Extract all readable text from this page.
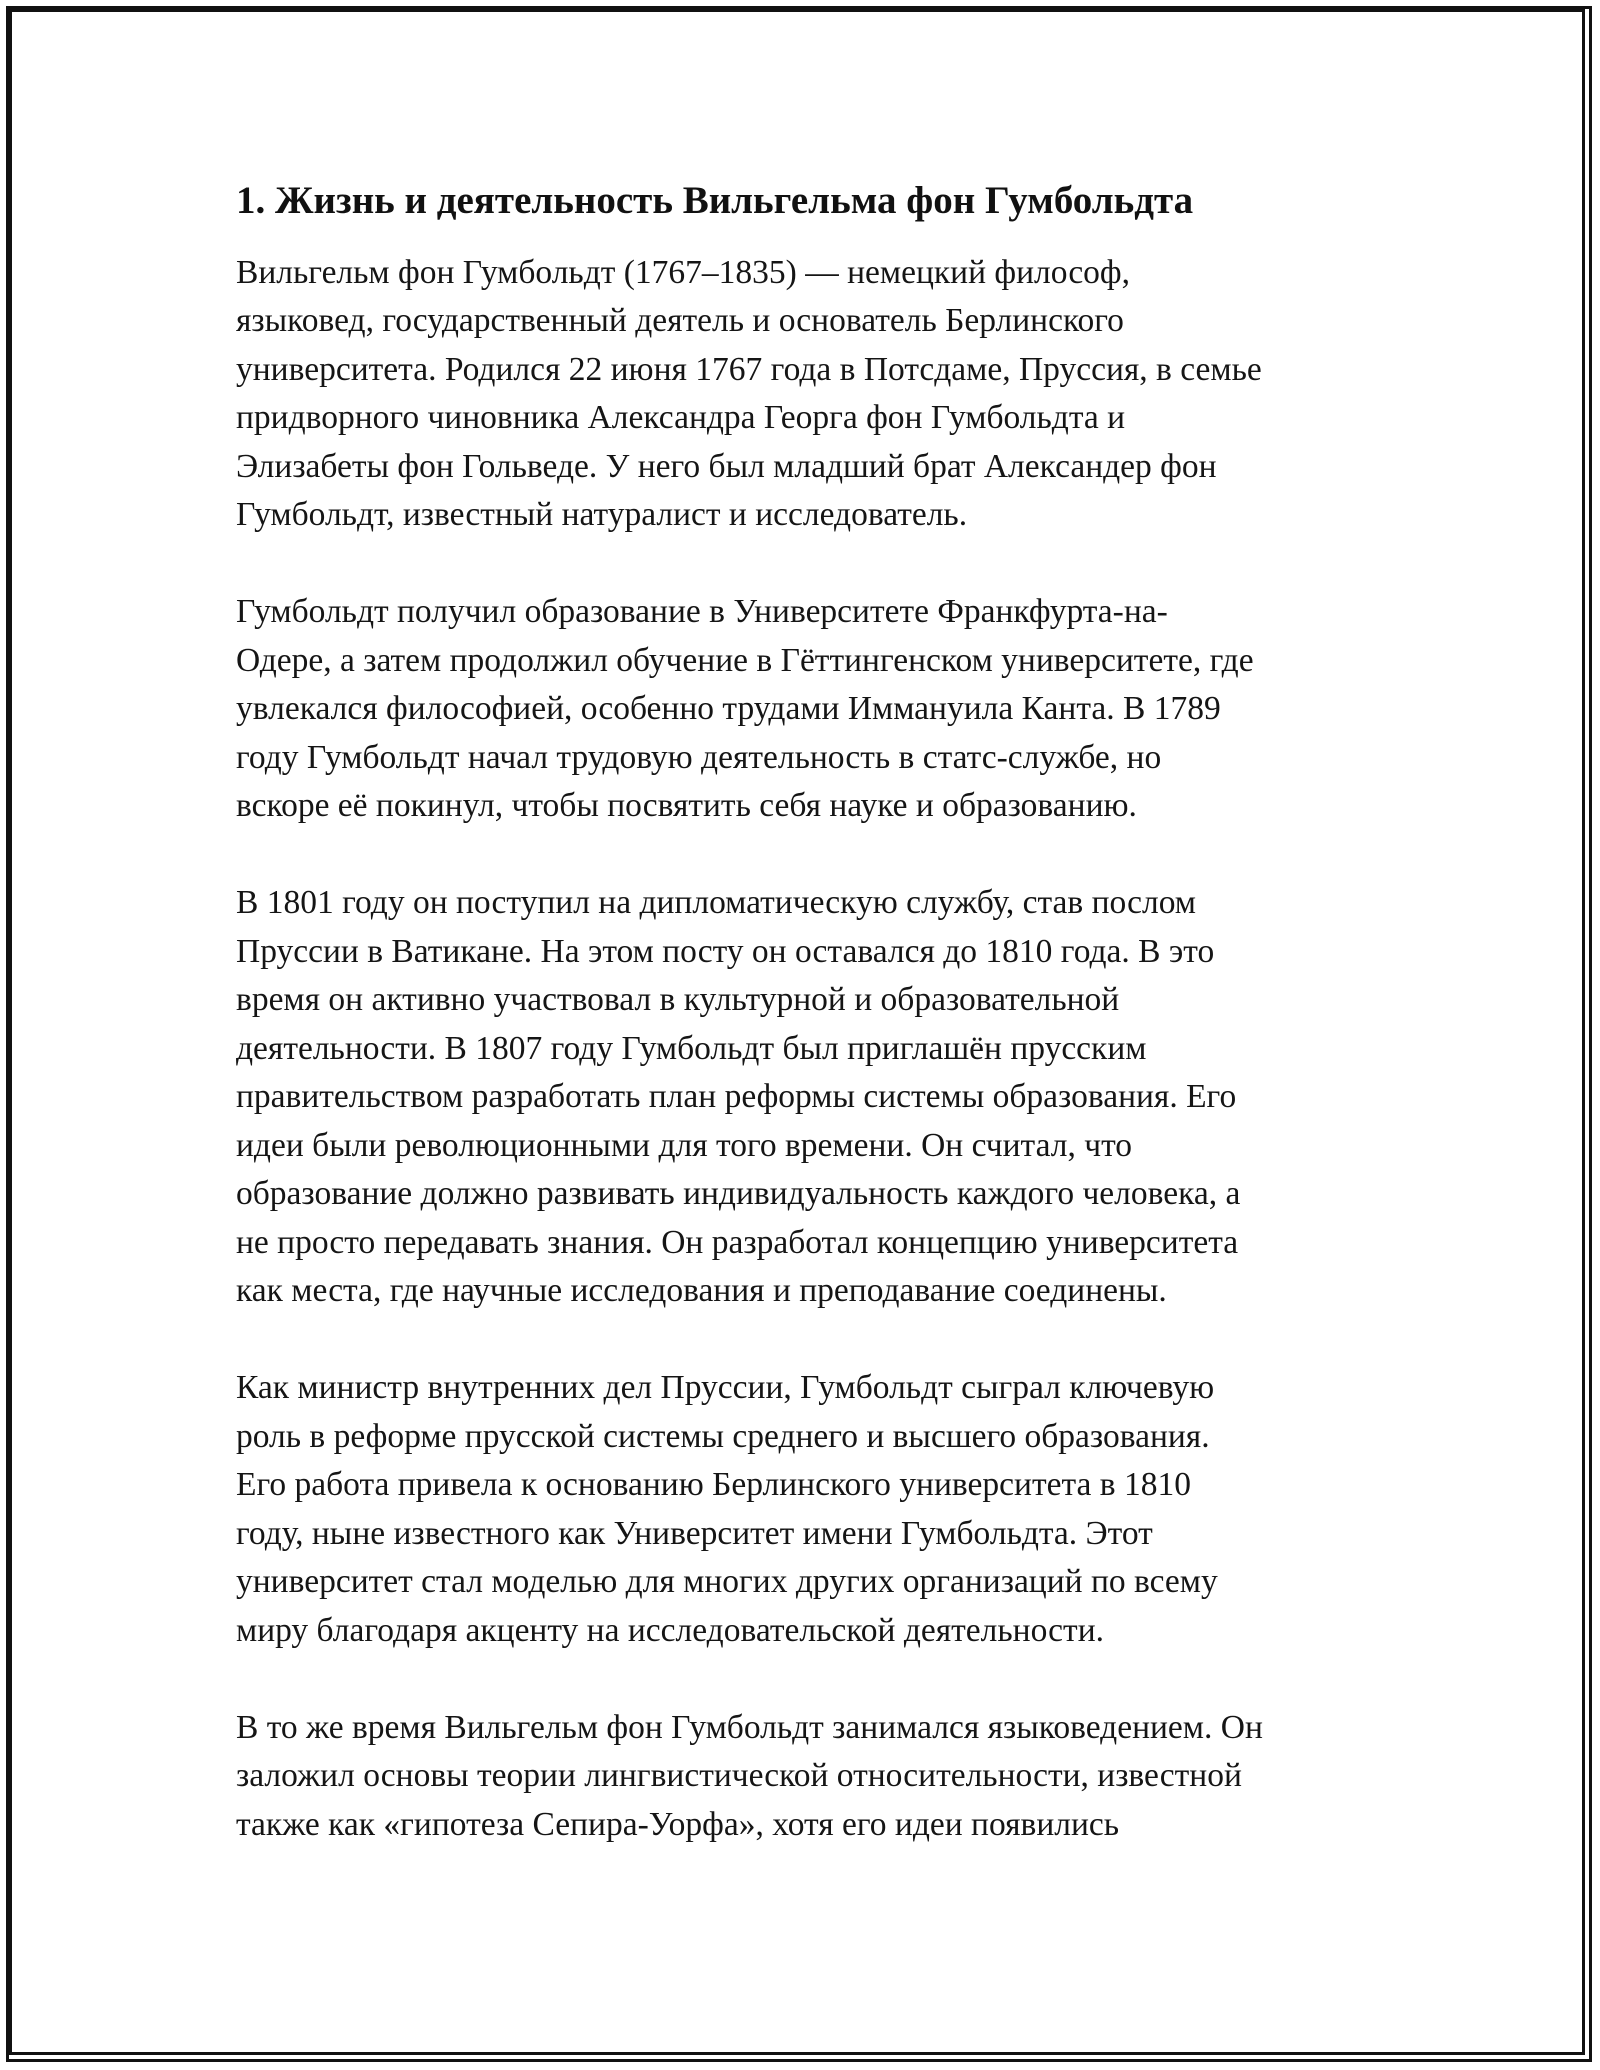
1. Жизнь и деятельность Вильгельма фон Гумбольдта

Вильгельм фон Гумбольдт (1767–1835) — немецкий философ,
языковед, государственный деятель и основатель Берлинского
университета. Родился 22 июня 1767 года в Потсдаме, Пруссия, в семье
придворного чиновника Александра Георга фон Гумбольдта и
Элизабеты фон Гольведе. У него был младший брат Александер фон
Гумбольдт, известный натуралист и исследователь.

Гумбольдт получил образование в Университете Франкфурта-на-
Одере, а затем продолжил обучение в Гёттингенском университете, где
увлекался философией, особенно трудами Иммануила Канта. В 1789
году Гумбольдт начал трудовую деятельность в статс-службе, но
вскоре её покинул, чтобы посвятить себя науке и образованию.

В 1801 году он поступил на дипломатическую службу, став послом
Пруссии в Ватикане. На этом посту он оставался до 1810 года. В это
время он активно участвовал в культурной и образовательной
деятельности. В 1807 году Гумбольдт был приглашён прусским
правительством разработать план реформы системы образования. Его
идеи были революционными для того времени. Он считал, что
образование должно развивать индивидуальность каждого человека, а
не просто передавать знания. Он разработал концепцию университета
как места, где научные исследования и преподавание соединены.

Как министр внутренних дел Пруссии, Гумбольдт сыграл ключевую
роль в реформе прусской системы среднего и высшего образования.
Его работа привела к основанию Берлинского университета в 1810
году, ныне известного как Университет имени Гумбольдта. Этот
университет стал моделью для многих других организаций по всему
миру благодаря акценту на исследовательской деятельности.

В то же время Вильгельм фон Гумбольдт занимался языковедением. Он
заложил основы теории лингвистической относительности, известной
также как «гипотеза Сепира-Уорфа», хотя его идеи появились
